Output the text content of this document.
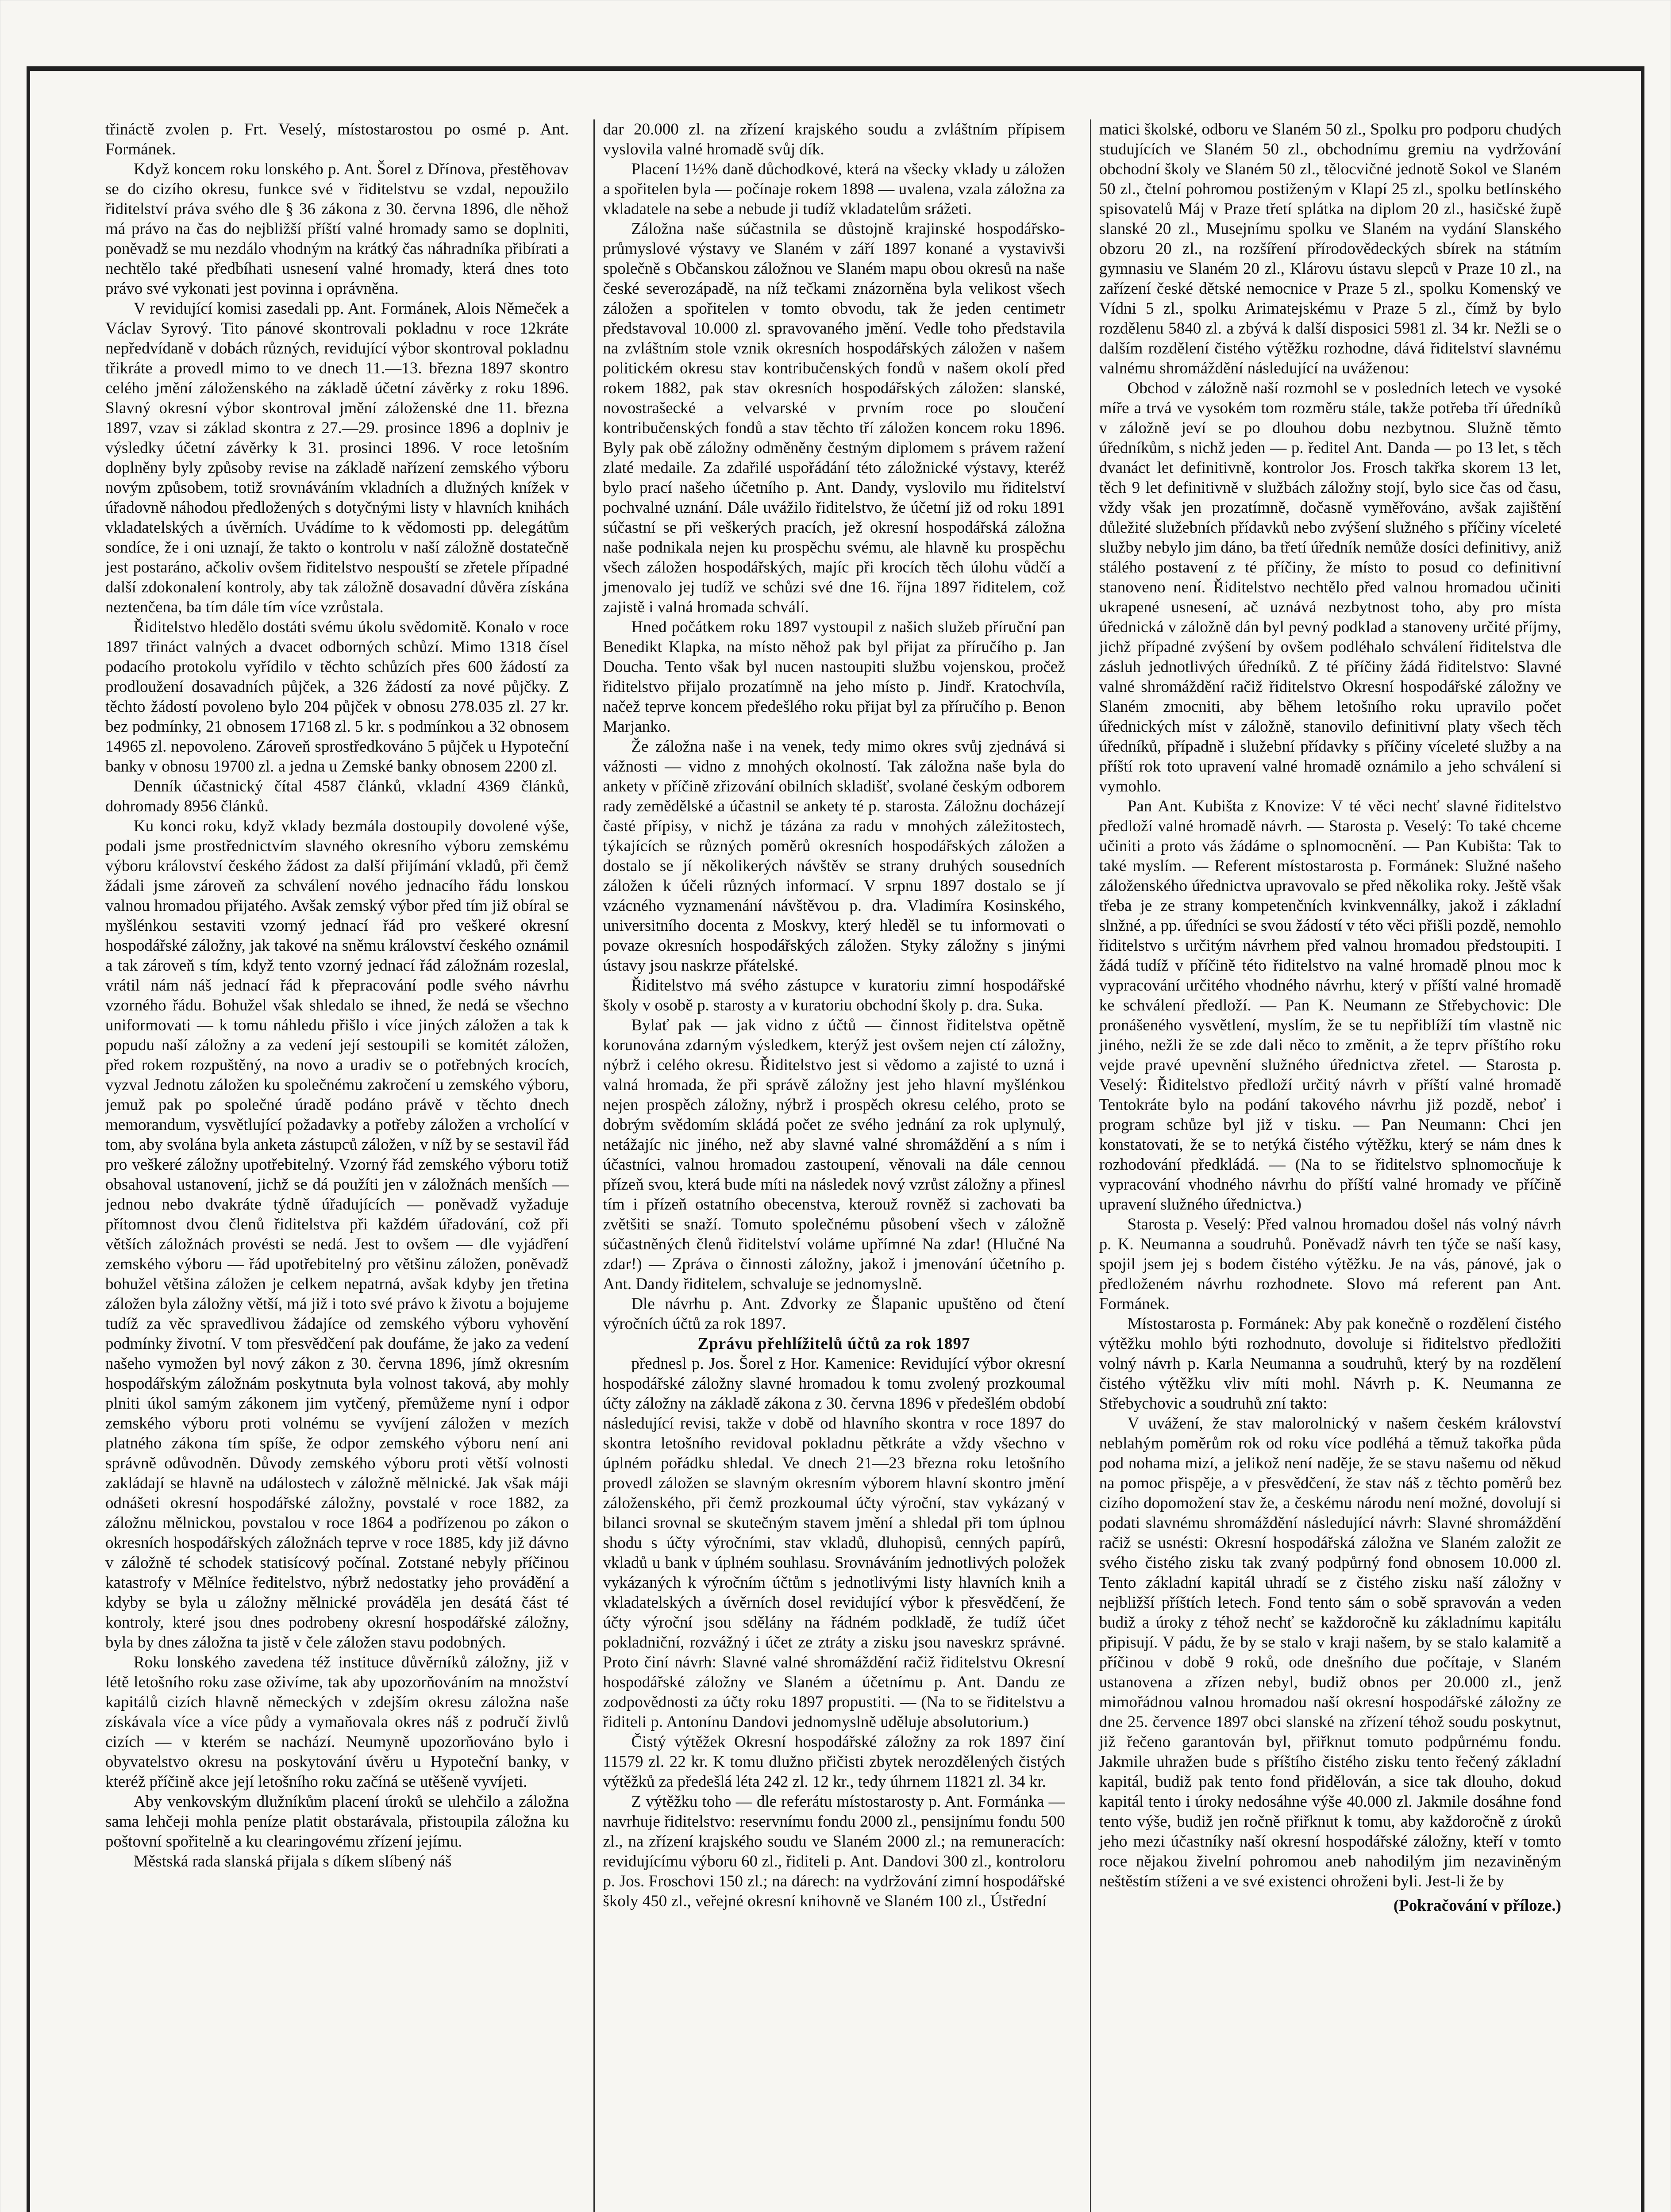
třináctě zvolen p. Frt. Veselý, místostarostou po osmé p. Ant. Formánek.

Když koncem roku lonského p. Ant. Šorel z Dřínova, přestěhovav se do cizího okresu, funkce své v řiditelstvu se vzdal, nepoužilo řiditelství práva svého dle § 36 zákona z 30. června 1896, dle něhož má právo na čas do nejbližší příští valné hromady samo se doplniti, poněvadž se mu nezdálo vhodným na krátký čas náhradníka přibírati a nechtělo také předbíhati usnesení valné hromady, která dnes toto právo své vykonati jest povinna i oprávněna.

V revidující komisi zasedali pp. Ant. Formánek, Alois Němeček a Václav Syrový. Tito pánové skontrovali pokladnu v roce 12kráte nepředvídaně v dobách různých, revidující výbor skontroval pokladnu třikráte a provedl mimo to ve dnech 11.—13. března 1897 skontro celého jmění záloženského na základě účetní závěrky z roku 1896. Slavný okresní výbor skontroval jmění záloženské dne 11. března 1897, vzav si základ skontra z 27.—29. prosince 1896 a doplniv je výsledky účetní závěrky k 31. prosinci 1896. V roce letošním doplněny byly způsoby revise na základě nařízení zemského výboru novým způsobem, totiž srovnáváním vkladních a dlužných knížek v úřadovně náhodou předložených s dotyčnými listy v hlavních knihách vkladatelských a úvěrních. Uvádíme to k vědomosti pp. delegátům sondíce, že i oni uznají, že takto o kontrolu v naší záložně dostatečně jest postaráno, ačkoliv ovšem řiditelstvo nespouští se zřetele případné další zdokonalení kontroly, aby tak záložně dosavadní důvěra získána neztenčena, ba tím dále tím více vzrůstala.

Řiditelstvo hledělo dostáti svému úkolu svědomitě. Konalo v roce 1897 třináct valných a dvacet odborných schůzí. Mimo 1318 čísel podacího protokolu vyřídilo v těchto schůzích přes 600 žádostí za prodloužení dosavadních půjček, a 326 žádostí za nové půjčky. Z těchto žádostí povoleno bylo 204 půjček v obnosu 278.035 zl. 27 kr. bez podmínky, 21 obnosem 17168 zl. 5 kr. s podmínkou a 32 obnosem 14965 zl. nepovoleno. Zároveň sprostředkováno 5 půjček u Hypoteční banky v obnosu 19700 zl. a jedna u Zemské banky obnosem 2200 zl.

Denník účastnický čítal 4587 článků, vkladní 4369 článků, dohromady 8956 článků.

Ku konci roku, když vklady bezmála dostoupily dovolené výše, podali jsme prostřednictvím slavného okresního výboru zemskému výboru království českého žádost za další přijímání vkladů, při čemž žádali jsme zároveň za schválení nového jednacího řádu lonskou valnou hromadou přijatého. Avšak zemský výbor před tím již obíral se myšlénkou sestaviti vzorný jednací řád pro veškeré okresní hospodářské záložny, jak takové na sněmu království českého oznámil a tak zároveň s tím, když tento vzorný jednací řád záložnám rozeslal, vrátil nám náš jednací řád k přepracování podle svého návrhu vzorného řádu. Bohužel však shledalo se ihned, že nedá se všechno uniformovati — k tomu náhledu přišlo i více jiných záložen a tak k popudu naší záložny a za vedení její sestoupili se komitét záložen, před rokem rozpuštěný, na novo a uradiv se o potřebných krocích, vyzval Jednotu záložen ku společnému zakročení u zemského výboru, jemuž pak po společné úradě podáno právě v těchto dnech memorandum, vysvětlující požadavky a potřeby záložen a vrcholící v tom, aby svolána byla anketa zástupců záložen, v níž by se sestavil řád pro veškeré záložny upotřebitelný. Vzorný řád zemského výboru totiž obsahoval ustanovení, jichž se dá použíti jen v záložnách menších — jednou nebo dvakráte týdně úřadujících — poněvadž vyžaduje přítomnost dvou členů řiditelstva při každém úřadování, což při větších záložnách provésti se nedá. Jest to ovšem — dle vyjádření zemského výboru — řád upotřebitelný pro většinu záložen, poněvadž bohužel většina záložen je celkem nepatrná, avšak kdyby jen třetina záložen byla záložny větší, má již i toto své právo k životu a bojujeme tudíž za věc spravedlivou žádajíce od zemského výboru vyhovění podmínky životní. V tom přesvědčení pak doufáme, že jako za vedení našeho vymožen byl nový zákon z 30. června 1896, jímž okresním hospodářským záložnám poskytnuta byla volnost taková, aby mohly plniti úkol samým zákonem jim vytčený, přemůžeme nyní i odpor zemského výboru proti volnému se vyvíjení záložen v mezích platného zákona tím spíše, že odpor zemského výboru není ani správně odůvodněn. Důvody zemského výboru proti větší volnosti zakládají se hlavně na událostech v záložně mělnické. Jak však máji odnášeti okresní hospodářské záložny, povstalé v roce 1882, za záložnu mělnickou, povstalou v roce 1864 a podřízenou po zákon o okresních hospodářských záložnách teprve v roce 1885, kdy již dávno v záložně té schodek statisícový počínal. Zotstané nebyly příčinou katastrofy v Mělníce ředitelstvo, nýbrž nedostatky jeho provádění a kdyby se byla u záložny mělnické prováděla jen desátá část té kontroly, které jsou dnes podrobeny okresní hospodářské záložny, byla by dnes záložna ta jistě v čele záložen stavu podobných.

Roku lonského zavedena též instituce důvěrníků záložny, již v létě letošního roku zase oživíme, tak aby upozorňováním na množství kapitálů cizích hlavně německých v zdejším okresu záložna naše získávala více a více půdy a vymaňovala okres náš z područí živlů cizích — v kterém se nachází. Neumyně upozorňováno bylo i obyvatelstvo okresu na poskytování úvěru u Hypoteční banky, v kteréž příčině akce její letošního roku začíná se utěšeně vyvíjeti.

Aby venkovským dlužníkům placení úroků se ulehčilo a záložna sama lehčeji mohla peníze platit obstarávala, přistoupila záložna ku poštovní spořitelně a ku clearingovému zřízení jejímu.

Městská rada slanská přijala s díkem slíbený náš

dar 20.000 zl. na zřízení krajského soudu a zvláštním přípisem vyslovila valné hromadě svůj dík.

Placení 1½% daně důchodkové, která na všecky vklady u záložen a spořitelen byla — počínaje rokem 1898 — uvalena, vzala záložna za vkladatele na sebe a nebude ji tudíž vkladatelům srážeti.

Záložna naše súčastnila se důstojně krajinské hospodářsko-průmyslové výstavy ve Slaném v září 1897 konané a vystavivši společně s Občanskou záložnou ve Slaném mapu obou okresů na naše české severozápadě, na níž tečkami znázorněna byla velikost všech záložen a spořitelen v tomto obvodu, tak že jeden centimetr představoval 10.000 zl. spravovaného jmění. Vedle toho představila na zvláštním stole vznik okresních hospodářských záložen v našem politickém okresu stav kontribučenských fondů v našem okolí před rokem 1882, pak stav okresních hospodářských záložen: slanské, novostrašecké a velvarské v prvním roce po sloučení kontribučenských fondů a stav těchto tří záložen koncem roku 1896. Byly pak obě záložny odměněny čestným diplomem s právem ražení zlaté medaile. Za zdařilé uspořádání této záložnické výstavy, kteréž bylo prací našeho účetního p. Ant. Dandy, vyslovilo mu řiditelství pochvalné uznání. Dále uvážilo řiditelstvo, že účetní již od roku 1891 súčastní se při veškerých pracích, jež okresní hospodářská záložna naše podnikala nejen ku prospěchu svému, ale hlavně ku prospěchu všech záložen hospodářských, majíc při krocích těch úlohu vůdčí a jmenovalo jej tudíž ve schůzi své dne 16. října 1897 řiditelem, což zajistě i valná hromada schválí.

Hned počátkem roku 1897 vystoupil z našich služeb příruční pan Benedikt Klapka, na místo něhož pak byl přijat za příručího p. Jan Doucha. Tento však byl nucen nastoupiti službu vojenskou, pročež řiditelstvo přijalo prozatímně na jeho místo p. Jindř. Kratochvíla, načež teprve koncem předešlého roku přijat byl za příručího p. Benon Marjanko.

Že záložna naše i na venek, tedy mimo okres svůj zjednává si vážnosti — vidno z mnohých okolností. Tak záložna naše byla do ankety v příčině zřizování obilních skladišť, svolané českým odborem rady zemědělské a účastnil se ankety té p. starosta. Záložnu docházejí časté přípisy, v nichž je tázána za radu v mnohých záležitostech, týkajících se různých poměrů okresních hospodářských záložen a dostalo se jí několikerých návštěv se strany druhých sousedních záložen k účeli různých informací. V srpnu 1897 dostalo se jí vzácného vyznamenání návštěvou p. dra. Vladimíra Kosinského, universitního docenta z Moskvy, který hleděl se tu informovati o povaze okresních hospodářských záložen. Styky záložny s jinými ústavy jsou naskrze přátelské.

Řiditelstvo má svého zástupce v kuratoriu zimní hospodářské školy v osobě p. starosty a v kuratoriu obchodní školy p. dra. Suka.

Bylať pak — jak vidno z účtů — činnost řiditelstva opětně korunována zdarným výsledkem, kterýž jest ovšem nejen ctí záložny, nýbrž i celého okresu. Řiditelstvo jest si vědomo a zajisté to uzná i valná hromada, že při správě záložny jest jeho hlavní myšlénkou nejen prospěch záložny, nýbrž i prospěch okresu celého, proto se dobrým svědomím skládá počet ze svého jednání za rok uplynulý, netážajíc nic jiného, než aby slavné valné shromáždění a s ním i účastníci, valnou hromadou zastoupení, věnovali na dále cennou přízeň svou, která bude míti na následek nový vzrůst záložny a přinesl tím i přízeň ostatního obecenstva, kterouž rovněž si zachovati ba zvětšiti se snaží. Tomuto společnému působení všech v záložně súčastněných členů řiditelství voláme upřímné Na zdar! (Hlučné Na zdar!) — Zpráva o činnosti záložny, jakož i jmenování účetního p. Ant. Dandy řiditelem, schvaluje se jednomyslně.

Dle návrhu p. Ant. Zdvorky ze Šlapanic upuštěno od čtení výročních účtů za rok 1897.

Zprávu přehlížitelů účtů za rok 1897

přednesl p. Jos. Šorel z Hor. Kamenice: Revidující výbor okresní hospodářské záložny slavné hromadou k tomu zvolený prozkoumal účty záložny na základě zákona z 30. června 1896 v předešlém období následující revisi, takže v době od hlavního skontra v roce 1897 do skontra letošního revidoval pokladnu pětkráte a vždy všechno v úplném pořádku shledal. Ve dnech 21—23 března roku letošního provedl záložen se slavným okresním výborem hlavní skontro jmění záloženského, při čemž prozkoumal účty výroční, stav vykázaný v bilanci srovnal se skutečným stavem jmění a shledal při tom úplnou shodu s účty výročními, stav vkladů, dluhopisů, cenných papírů, vkladů u bank v úplném souhlasu. Srovnáváním jednotlivých položek vykázaných k výročním účtům s jednotlivými listy hlavních knih a vkladatelských a úvěrních dosel revidující výbor k přesvědčení, že účty výroční jsou sdělány na řádném podkladě, že tudíž účet pokladniční, rozvážný i účet ze ztráty a zisku jsou naveskrz správné. Proto činí návrh: Slavné valné shromáždění račiž řiditelstvu Okresní hospodářské záložny ve Slaném a účetnímu p. Ant. Dandu ze zodpovědnosti za účty roku 1897 propustiti. — (Na to se řiditelstvu a řiditeli p. Antonínu Dandovi jednomyslně uděluje absolutorium.)

Čistý výtěžek Okresní hospodářské záložny za rok 1897 činí 11579 zl. 22 kr. K tomu dlužno přičisti zbytek nerozdělených čistých výtěžků za předešlá léta 242 zl. 12 kr., tedy úhrnem 11821 zl. 34 kr.

Z výtěžku toho — dle referátu místostarosty p. Ant. Formánka — navrhuje řiditelstvo: reservnímu fondu 2000 zl., pensijnímu fondu 500 zl., na zřízení krajského soudu ve Slaném 2000 zl.; na remuneracích: revidujícímu výboru 60 zl., řiditeli p. Ant. Dandovi 300 zl., kontroloru p. Jos. Froschovi 150 zl.; na dárech: na vydržování zimní hospodářské školy 450 zl., veřejné okresní knihovně ve Slaném 100 zl., Ústřední

matici školské, odboru ve Slaném 50 zl., Spolku pro podporu chudých studujících ve Slaném 50 zl., obchodnímu gremiu na vydržování obchodní školy ve Slaném 50 zl., tělocvičné jednotě Sokol ve Slaném 50 zl., čtelní pohromou postiženým v Klapí 25 zl., spolku betlínského spisovatelů Máj v Praze třetí splátka na diplom 20 zl., hasičské župě slanské 20 zl., Musejnímu spolku ve Slaném na vydání Slanského obzoru 20 zl., na rozšíření přírodovědeckých sbírek na státním gymnasiu ve Slaném 20 zl., Klárovu ústavu slepců v Praze 10 zl., na zařízení české dětské nemocnice v Praze 5 zl., spolku Komenský ve Vídni 5 zl., spolku Arimatejskému v Praze 5 zl., čímž by bylo rozdělenu 5840 zl. a zbývá k další disposici 5981 zl. 34 kr. Nežli se o dalším rozdělení čistého výtěžku rozhodne, dává řiditelství slavnému valnému shromáždění následující na uváženou:

Obchod v záložně naší rozmohl se v posledních letech ve vysoké míře a trvá ve vysokém tom rozměru stále, takže potřeba tří úředníků v záložně jeví se po dlouhou dobu nezbytnou. Služně těmto úředníkům, s nichž jeden — p. ředitel Ant. Danda — po 13 let, s těch dvanáct let definitivně, kontrolor Jos. Frosch takřka skorem 13 let, těch 9 let definitivně v službách záložny stojí, bylo sice čas od času, vždy však jen prozatímně, dočasně vyměřováno, avšak zajištění důležité služebních přídavků nebo zvýšení služného s příčiny víceleté služby nebylo jim dáno, ba třetí úředník nemůže dosíci definitivy, aniž stálého postavení z té příčiny, že místo to posud co definitivní stanoveno není. Řiditelstvo nechtělo před valnou hromadou učiniti ukrapené usnesení, ač uznává nezbytnost toho, aby pro místa úřednická v záložně dán byl pevný podklad a stanoveny určité příjmy, jichž případné zvýšení by ovšem podléhalo schválení řiditelstva dle zásluh jednotlivých úředníků. Z té příčiny žádá řiditelstvo: Slavné valné shromáždění račiž řiditelstvo Okresní hospodářské záložny ve Slaném zmocniti, aby během letošního roku upravilo počet úřednických míst v záložně, stanovilo definitivní platy všech těch úředníků, případně i služební přídavky s příčiny víceleté služby a na příští rok toto upravení valné hromadě oznámilo a jeho schválení si vymohlo.

Pan Ant. Kubišta z Knovize: V té věci nechť slavné řiditelstvo předloží valné hromadě návrh. — Starosta p. Veselý: To také chceme učiniti a proto vás žádáme o splnomocnění. — Pan Kubišta: Tak to také myslím. — Referent místostarosta p. Formánek: Služné našeho záloženského úřednictva upravovalo se před několika roky. Ještě však třeba je ze strany kompetenčních kvinkvennálky, jakož i základní slnžné, a pp. úředníci se svou žádostí v této věci přišli pozdě, nemohlo řiditelstvo s určitým návrhem před valnou hromadou předstoupiti. I žádá tudíž v příčině této řiditelstvo na valné hromadě plnou moc k vypracování určitého vhodného návrhu, který v příští valné hromadě ke schválení předloží. — Pan K. Neumann ze Střebychovic: Dle pronášeného vysvětlení, myslím, že se tu nepřiblíží tím vlastně nic jiného, nežli že se zde dali něco to změnit, a že teprv příštího roku vejde pravé upevnění služného úřednictva zřetel. — Starosta p. Veselý: Řiditelstvo předloží určitý návrh v příští valné hromadě Tentokráte bylo na podání takového návrhu již pozdě, neboť i program schůze byl již v tisku. — Pan Neumann: Chci jen konstatovati, že se to netýká čistého výtěžku, který se nám dnes k rozhodování předkládá. — (Na to se řiditelstvo splnomocňuje k vypracování vhodného návrhu do příští valné hromady ve příčině upravení služného úřednictva.)

Starosta p. Veselý: Před valnou hromadou došel nás volný návrh p. K. Neumanna a soudruhů. Poněvadž návrh ten týče se naší kasy, spojil jsem jej s bodem čistého výtěžku. Je na vás, pánové, jak o předloženém návrhu rozhodnete. Slovo má referent pan Ant. Formánek.

Místostarosta p. Formánek: Aby pak konečně o rozdělení čistého výtěžku mohlo býti rozhodnuto, dovoluje si řiditelstvo předložiti volný návrh p. Karla Neumanna a soudruhů, který by na rozdělení čistého výtěžku vliv míti mohl. Návrh p. K. Neumanna ze Střebychovic a soudruhů zní takto:

V uvážení, že stav malorolnický v našem českém království neblahým poměrům rok od roku více podléhá a těmuž takořka půda pod nohama mizí, a jelikož není naděje, že se stavu našemu od někud na pomoc přispěje, a v přesvědčení, že stav náš z těchto poměrů bez cizího dopomožení stav že, a českému národu není možné, dovolují si podati slavnému shromáždění následující návrh: Slavné shromáždění račiž se usnésti: Okresní hospodářská záložna ve Slaném založit ze svého čistého zisku tak zvaný podpůrný fond obnosem 10.000 zl. Tento základní kapitál uhradí se z čistého zisku naší záložny v nejbližší příštích letech. Fond tento sám o sobě spravován a veden budiž a úroky z téhož nechť se každoročně ku základnímu kapitálu připisují. V pádu, že by se stalo v kraji našem, by se stalo kalamitě a příčinou v době 9 roků, ode dnešního due počítaje, v Slaném ustanovena a zřízen nebyl, budiž obnos per 20.000 zl., jenž mimořádnou valnou hromadou naší okresní hospodářské záložny ze dne 25. července 1897 obci slanské na zřízení téhož soudu poskytnut, již řečeno garantován byl, přiřknut tomuto podpůrnému fondu. Jakmile uhražen bude s příštího čistého zisku tento řečený základní kapitál, budiž pak tento fond přidělován, a sice tak dlouho, dokud kapitál tento i úroky nedosáhne výše 40.000 zl. Jakmile dosáhne fond tento výše, budiž jen ročně přiřknut k tomu, aby každoročně z úroků jeho mezi účastníky naší okresní hospodářské záložny, kteří v tomto roce nějakou živelní pohromou aneb nahodilým jim nezaviněným neštěstím stíženi a ve své existenci ohroženi byli. Jest-li že by

(Pokračování v příloze.)
